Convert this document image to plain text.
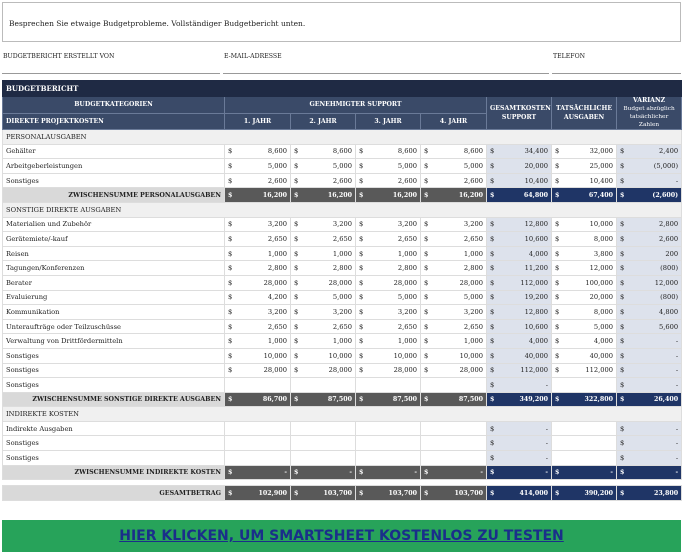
Besprechen Sie etwaige Budgetprobleme. Vollständiger Budgetbericht unten.
BUDGETBERICHT ERSTELLT VON	E-MAIL-ADRESSE	TELEFON
BUDGETBERICHT							
BUDGETKATEGORIEN	GENEHMIGTER SUPPORT				GESAMTKOSTEN SUPPORT	TATSÄCHLICHE AUSGABEN	VARIANZ
Budget abzüglich tatsächlicher Zahlen

DIREKTE PROJEKTKOSTEN	1. JAHR	2. JAHR	3. JAHR	4. JAHR			
PERSONALAUSGABEN							
Gehälter	$ 8,600	$ 8,600	$ 8,600	$ 8,600	$ 34,400	$ 32,000	$ 2,400
Arbeitgeberleistungen	$ 5,000	$ 5,000	$ 5,000	$ 5,000	$ 20,000	$ 25,000	$ (5,000)
Sonstiges	$ 2,600	$ 2,600	$ 2,600	$ 2,600	$ 10,400	$ 10,400	$ -
ZWISCHENSUMME PERSONALAUSGABEN	$ 16,200	$ 16,200	$ 16,200	$ 16,200	$ 64,800	$ 67,400	$ (2,600)
SONSTIGE DIREKTE AUSGABEN							
Materialien und Zubehör	$ 3,200	$ 3,200	$ 3,200	$ 3,200	$ 12,800	$ 10,000	$ 2,800
Gerätemiete/-kauf	$ 2,650	$ 2,650	$ 2,650	$ 2,650	$ 10,600	$ 8,000	$ 2,600
Reisen	$ 1,000	$ 1,000	$ 1,000	$ 1,000	$ 4,000	$ 3,800	$ 200
Tagungen/Konferenzen	$ 2,800	$ 2,800	$ 2,800	$ 2,800	$ 11,200	$ 12,000	$ (800)
Berater	$ 28,000	$ 28,000	$ 28,000	$ 28,000	$ 112,000	$ 100,000	$ 12,000
Evaluierung	$ 4,200	$ 5,000	$ 5,000	$ 5,000	$ 19,200	$ 20,000	$ (800)
Kommunikation	$ 3,200	$ 3,200	$ 3,200	$ 3,200	$ 12,800	$ 8,000	$ 4,800
Unteraufträge oder Teilzuschüsse	$ 2,650	$ 2,650	$ 2,650	$ 2,650	$ 10,600	$ 5,000	$ 5,600
Verwaltung von Drittfördermitteln	$ 1,000	$ 1,000	$ 1,000	$ 1,000	$ 4,000	$ 4,000	$ -
Sonstiges	$ 10,000	$ 10,000	$ 10,000	$ 10,000	$ 40,000	$ 40,000	$ -
Sonstiges	$ 28,000	$ 28,000	$ 28,000	$ 28,000	$ 112,000	$ 112,000	$ -
Sonstiges					$ -		$ -
ZWISCHENSUMME SONSTIGE DIREKTE AUSGABEN	$ 86,700	$ 87,500	$ 87,500	$ 87,500	$ 349,200	$ 322,800	$ 26,400
INDIREKTE KOSTEN							
Indirekte Ausgaben					$ -		$ -
Sonstiges					$ -		$ -
Sonstiges					$ -		$ -
ZWISCHENSUMME INDIREKTE KOSTEN	$ -	$ -	$ -	$ -	$ -	$ -	$ -

GESAMTBETRAG	$ 102,900	$ 103,700	$ 103,700	$ 103,700	$ 414,000	$ 390,200	$ 23,800
HIER KLICKEN, UM SMARTSHEET KOSTENLOS ZU TESTEN
